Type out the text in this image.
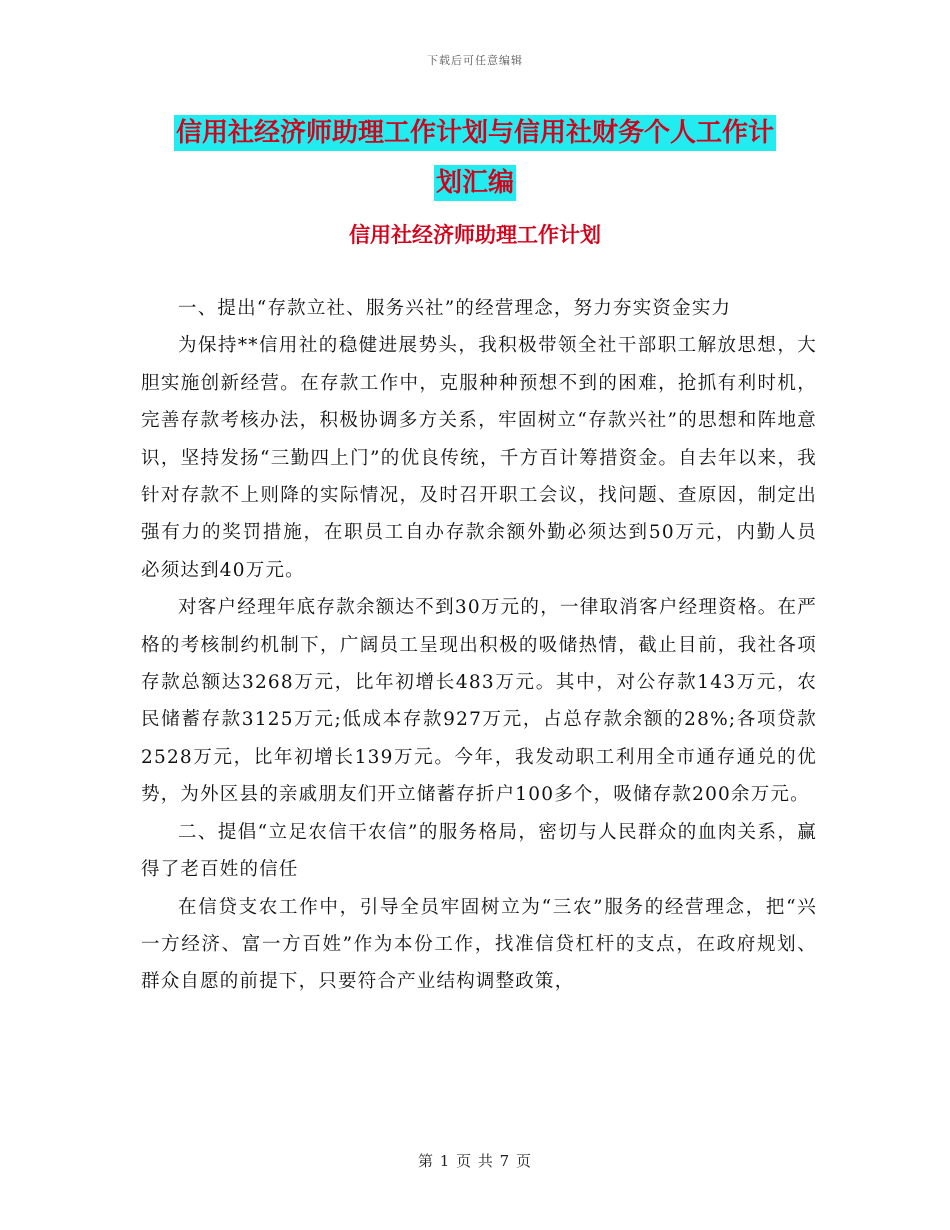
下载后可任意编辑
信用社经济师助理工作计划与信用社财务个人工作计
划汇编
信用社经济师助理工作计划

一、提出“存款立社、服务兴社”的经营理念，努力夯实资金实力

为保持**信用社的稳健进展势头，我积极带领全社干部职工解放思想，大胆实施创新经营。在存款工作中，克服种种预想不到的困难，抢抓有利时机，完善存款考核办法，积极协调多方关系，牢固树立“存款兴社”的思想和阵地意识，坚持发扬“三勤四上门”的优良传统，千方百计筹措资金。自去年以来，我针对存款不上则降的实际情况，及时召开职工会议，找问题、查原因，制定出强有力的奖罚措施，在职员工自办存款余额外勤必须达到50万元，内勤人员必须达到40万元。

对客户经理年底存款余额达不到30万元的，一律取消客户经理资格。在严格的考核制约机制下，广阔员工呈现出积极的吸储热情，截止目前，我社各项存款总额达3268万元，比年初增长483万元。其中，对公存款143万元，农民储蓄存款3125万元;低成本存款927万元，占总存款余额的28%;各项贷款2528万元，比年初增长139万元。今年，我发动职工利用全市通存通兑的优势，为外区县的亲戚朋友们开立储蓄存折户100多个，吸储存款200余万元。

二、提倡“立足农信干农信”的服务格局，密切与人民群众的血肉关系，赢得了老百姓的信任

在信贷支农工作中，引导全员牢固树立为“三农”服务的经营理念，把“兴一方经济、富一方百姓”作为本份工作，找准信贷杠杆的支点，在政府规划、群众自愿的前提下，只要符合产业结构调整政策，

第 1 页 共 7 页
